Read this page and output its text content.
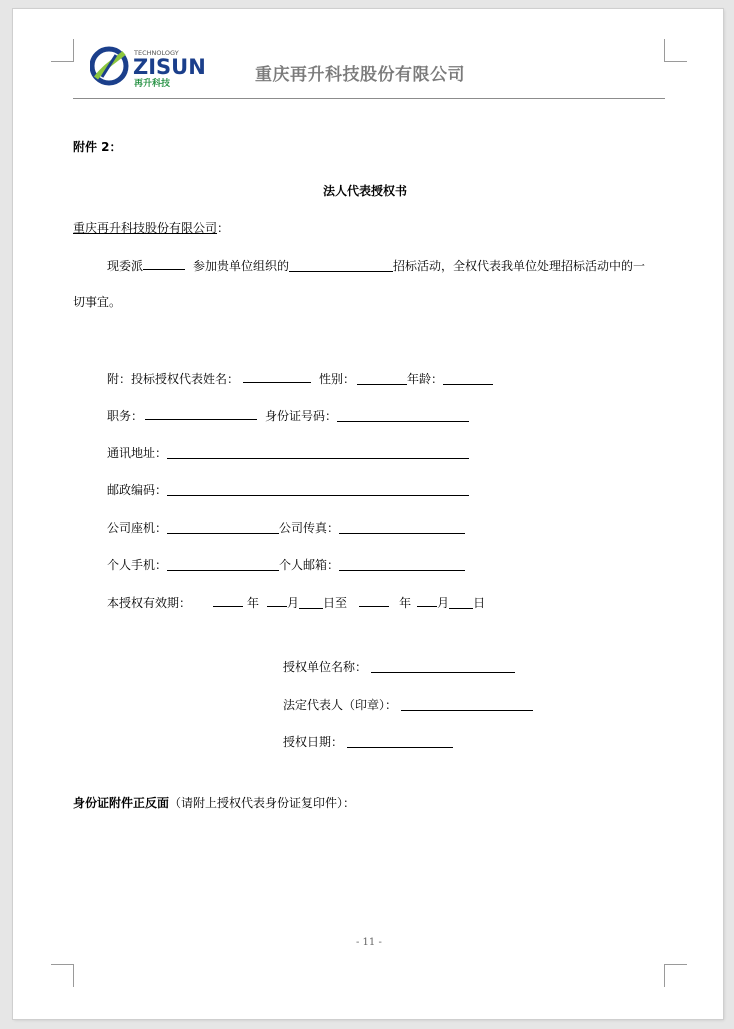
TECHNOLOGY
ZISUN
再升科技	重庆再升科技股份有限公司
附件 2：
法人代表授权书
重庆再升科技股份有限公司：
现委派	参加贵单位组织的	招标活动，全权代表我单位处理招标活动中的一
切事宜。
附：投标授权代表姓名：	性别：	年龄：
职务：	身份证号码：
通讯地址：
邮政编码：
公司座机：	公司传真：
个人手机：	个人邮箱：
本授权有效期：	年 月 日至	年 月 日
授权单位名称：
法定代表人（印章）：
授权日期：
身份证附件正反面（请附上授权代表身份证复印件）：
- 11 -
